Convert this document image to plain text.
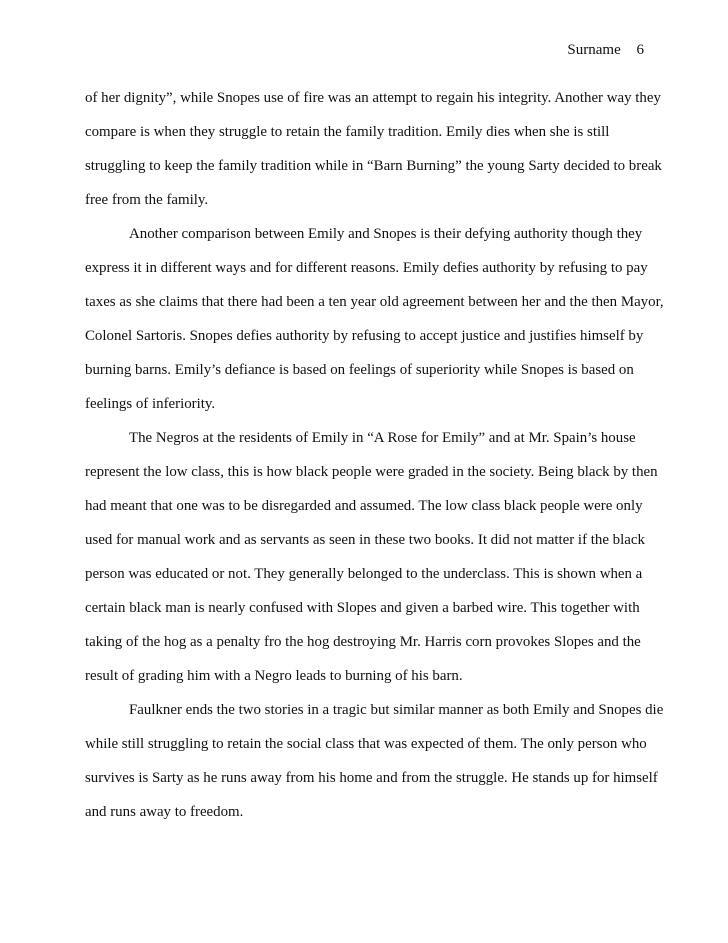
Surname 6
of her dignity”, while Snopes use of fire was an attempt to regain his integrity. Another way they
compare is when they struggle to retain the family tradition. Emily dies when she is still
struggling to keep the family tradition while in “Barn Burning” the young Sarty decided to break
free from the family.
Another comparison between Emily and Snopes is their defying authority though they
express it in different ways and for different reasons. Emily defies authority by refusing to pay
taxes as she claims that there had been a ten year old agreement between her and the then Mayor,
Colonel Sartoris. Snopes defies authority by refusing to accept justice and justifies himself by
burning barns. Emily’s defiance is based on feelings of superiority while Snopes is based on
feelings of inferiority.
The Negros at the residents of Emily in “A Rose for Emily” and at Mr. Spain’s house
represent the low class, this is how black people were graded in the society. Being black by then
had meant that one was to be disregarded and assumed. The low class black people were only
used for manual work and as servants as seen in these two books. It did not matter if the black
person was educated or not. They generally belonged to the underclass. This is shown when a
certain black man is nearly confused with Slopes and given a barbed wire. This together with
taking of the hog as a penalty fro the hog destroying Mr. Harris corn provokes Slopes and the
result of grading him with a Negro leads to burning of his barn.
Faulkner ends the two stories in a tragic but similar manner as both Emily and Snopes die
while still struggling to retain the social class that was expected of them. The only person who
survives is Sarty as he runs away from his home and from the struggle. He stands up for himself
and runs away to freedom.
